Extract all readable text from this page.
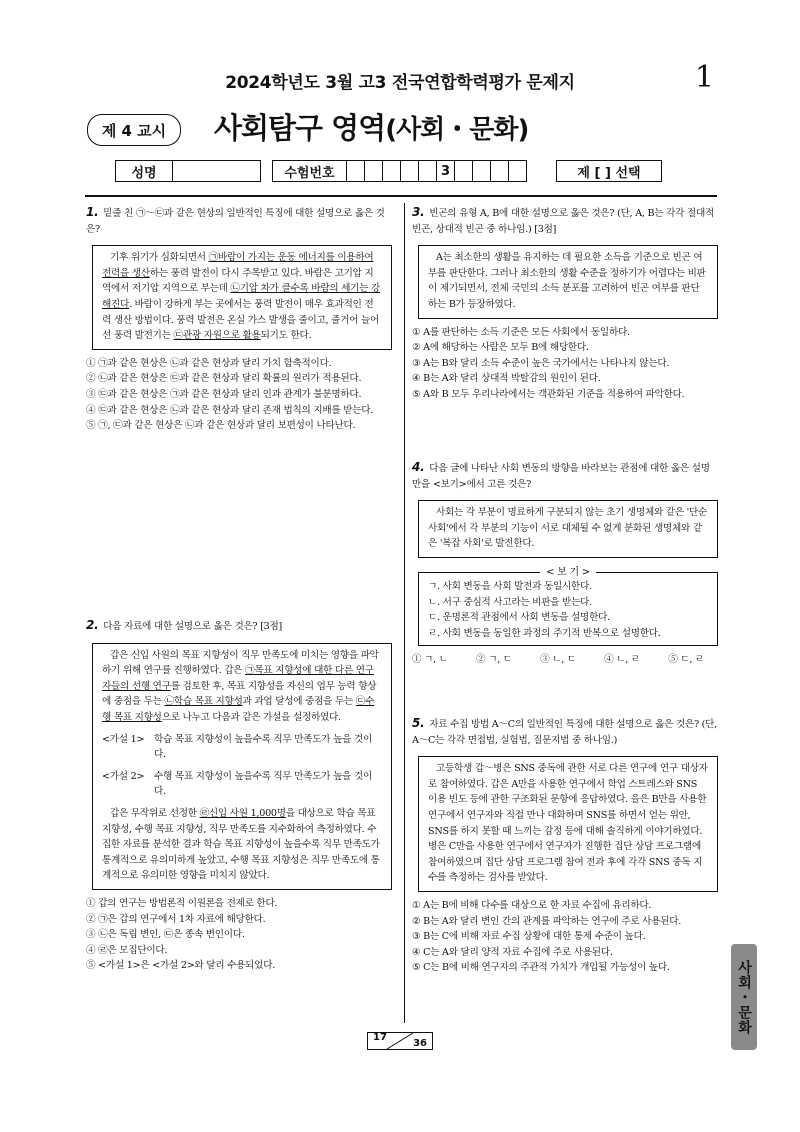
2024학년도 3월 고3 전국연합학력평가 문제지	1
제 4 교시	사회탐구 영역(사회・문화)
성명	수험번호	3	제 [ ] 선택
1. 밑줄 친 ㉠～㉢과 같은 현상의 일반적인 특징에 대한 설명으로 옳은 것은?

기후 위기가 심화되면서 ㉠바람이 가지는 운동 에너지를 이용하여 전력을 생산하는 풍력 발전이 다시 주목받고 있다. 바람은 고기압 지역에서 저기압 지역으로 부는데 ㉡기압 차가 클수록 바람의 세기는 강해진다. 바람이 강하게 부는 곳에서는 풍력 발전이 매우 효과적인 전력 생산 방법이다. 풍력 발전은 온실 가스 발생을 줄이고, 줄거어 늘어선 풍력 발전기는 ㉢관광 자원으로 활용되기도 한다.

① ㉠과 같은 현상은 ㉡과 같은 현상과 달리 가치 함축적이다.
② ㉡과 같은 현상은 ㉢과 같은 현상과 달리 확률의 원리가 적용된다.
③ ㉢과 같은 현상은 ㉠과 같은 현상과 달리 인과 관계가 불분명하다.
④ ㉢과 같은 현상은 ㉡과 같은 현상과 달리 존재 법칙의 지배를 받는다.
⑤ ㉠, ㉢과 같은 현상은 ㉡과 같은 현상과 달리 보편성이 나타난다.
2. 다음 자료에 대한 설명으로 옳은 것은? [3점]

갑은 신입 사원의 목표 지향성이 직무 만족도에 미치는 영향을 파악하기 위해 연구를 진행하였다. 갑은 ㉠목표 지향성에 대한 다른 연구자들의 선행 연구를 검토한 후, 목표 지향성을 자신의 업무 능력 향상에 중점을 두는 ㉡학습 목표 지향성과 과업 달성에 중점을 두는 ㉢수행 목표 지향성으로 나누고 다음과 같은 가설을 설정하였다.

<가설 1> 학습 목표 지향성이 높을수록 직무 만족도가 높을 것이다.

<가설 2> 수행 목표 지향성이 높을수록 직무 만족도가 높을 것이다.

갑은 무작위로 선정한 ㉣신입 사원 1,000명을 대상으로 학습 목표 지향성, 수행 목표 지향성, 직무 만족도를 지수화하여 측정하였다. 수집한 자료를 분석한 결과 학습 목표 지향성이 높을수록 직무 만족도가 통계적으로 유의미하게 높았고, 수행 목표 지향성은 직무 만족도에 통계적으로 유의미한 영향을 미치지 않았다.

① 갑의 연구는 방법론적 이원론을 전제로 한다.
② ㉠은 갑의 연구에서 1차 자료에 해당한다.
③ ㉡은 독립 변인, ㉢은 종속 변인이다.
④ ㉣은 모집단이다.
⑤ <가설 1>은 <가설 2>와 달리 수용되었다.
3. 빈곤의 유형 A, B에 대한 설명으로 옳은 것은? (단, A, B는 각각 절대적 빈곤, 상대적 빈곤 중 하나임.) [3점]
A는 최소한의 생활을 유지하는 데 필요한 소득을 기준으로 빈곤 여부를 판단한다. 그러나 최소한의 생활 수준을 정하기가 어렵다는 비판이 제기되면서, 전체 국민의 소득 분포를 고려하여 빈곤 여부를 판단하는 B가 등장하였다.
① A를 판단하는 소득 기준은 모든 사회에서 동일하다.
② A에 해당하는 사람은 모두 B에 해당한다.
③ A는 B와 달리 소득 수준이 높은 국가에서는 나타나지 않는다.
④ B는 A와 달리 상대적 박탈감의 원인이 된다.
⑤ A와 B 모두 우리나라에서는 객관화된 기준을 적용하여 파악한다.
4. 다음 글에 나타난 사회 변동의 방향을 바라보는 관점에 대한 옳은 설명만을 <보기>에서 고른 것은?
사회는 각 부분이 명료하게 구분되지 않는 초기 생명체와 같은 '단순 사회'에서 각 부분의 기능이 서로 대체될 수 없게 분화된 생명체와 같은 '복잡 사회'로 발전한다.
< 보 기 >
ㄱ. 사회 변동을 사회 발전과 동일시한다.
ㄴ. 서구 중심적 사고라는 비판을 받는다.
ㄷ. 운명론적 관점에서 사회 변동을 설명한다.
ㄹ. 사회 변동을 동일한 과정의 주기적 반복으로 설명한다.
① ㄱ, ㄴ	② ㄱ, ㄷ	③ ㄴ, ㄷ	④ ㄴ, ㄹ	⑤ ㄷ, ㄹ
5. 자료 수집 방법 A～C의 일반적인 특징에 대한 설명으로 옳은 것은? (단, A～C는 각각 면접법, 실험법, 질문지법 중 하나임.)
고등학생 갑～병은 SNS 중독에 관한 서로 다른 연구에 연구 대상자로 참여하였다. 갑은 A만을 사용한 연구에서 학업 스트레스와 SNS 이용 빈도 등에 관한 구조화된 문항에 응답하였다. 을은 B만을 사용한 연구에서 연구자와 직접 만나 대화하며 SNS를 하면서 얻는 위안, SNS를 하지 못할 때 느끼는 감정 등에 대해 솔직하게 이야기하였다. 병은 C만을 사용한 연구에서 연구자가 진행한 집단 상담 프로그램에 참여하였으며 집단 상담 프로그램 참여 전과 후에 각각 SNS 중독 지수를 측정하는 검사를 받았다.
① A는 B에 비해 다수를 대상으로 한 자료 수집에 유리하다.
② B는 A와 달리 변인 간의 관계를 파악하는 연구에 주로 사용된다.
③ B는 C에 비해 자료 수집 상황에 대한 통제 수준이 높다.
④ C는 A와 달리 양적 자료 수집에 주로 사용된다.
⑤ C는 B에 비해 연구자의 주관적 가치가 개입될 가능성이 높다.	사회・문화
17
36
